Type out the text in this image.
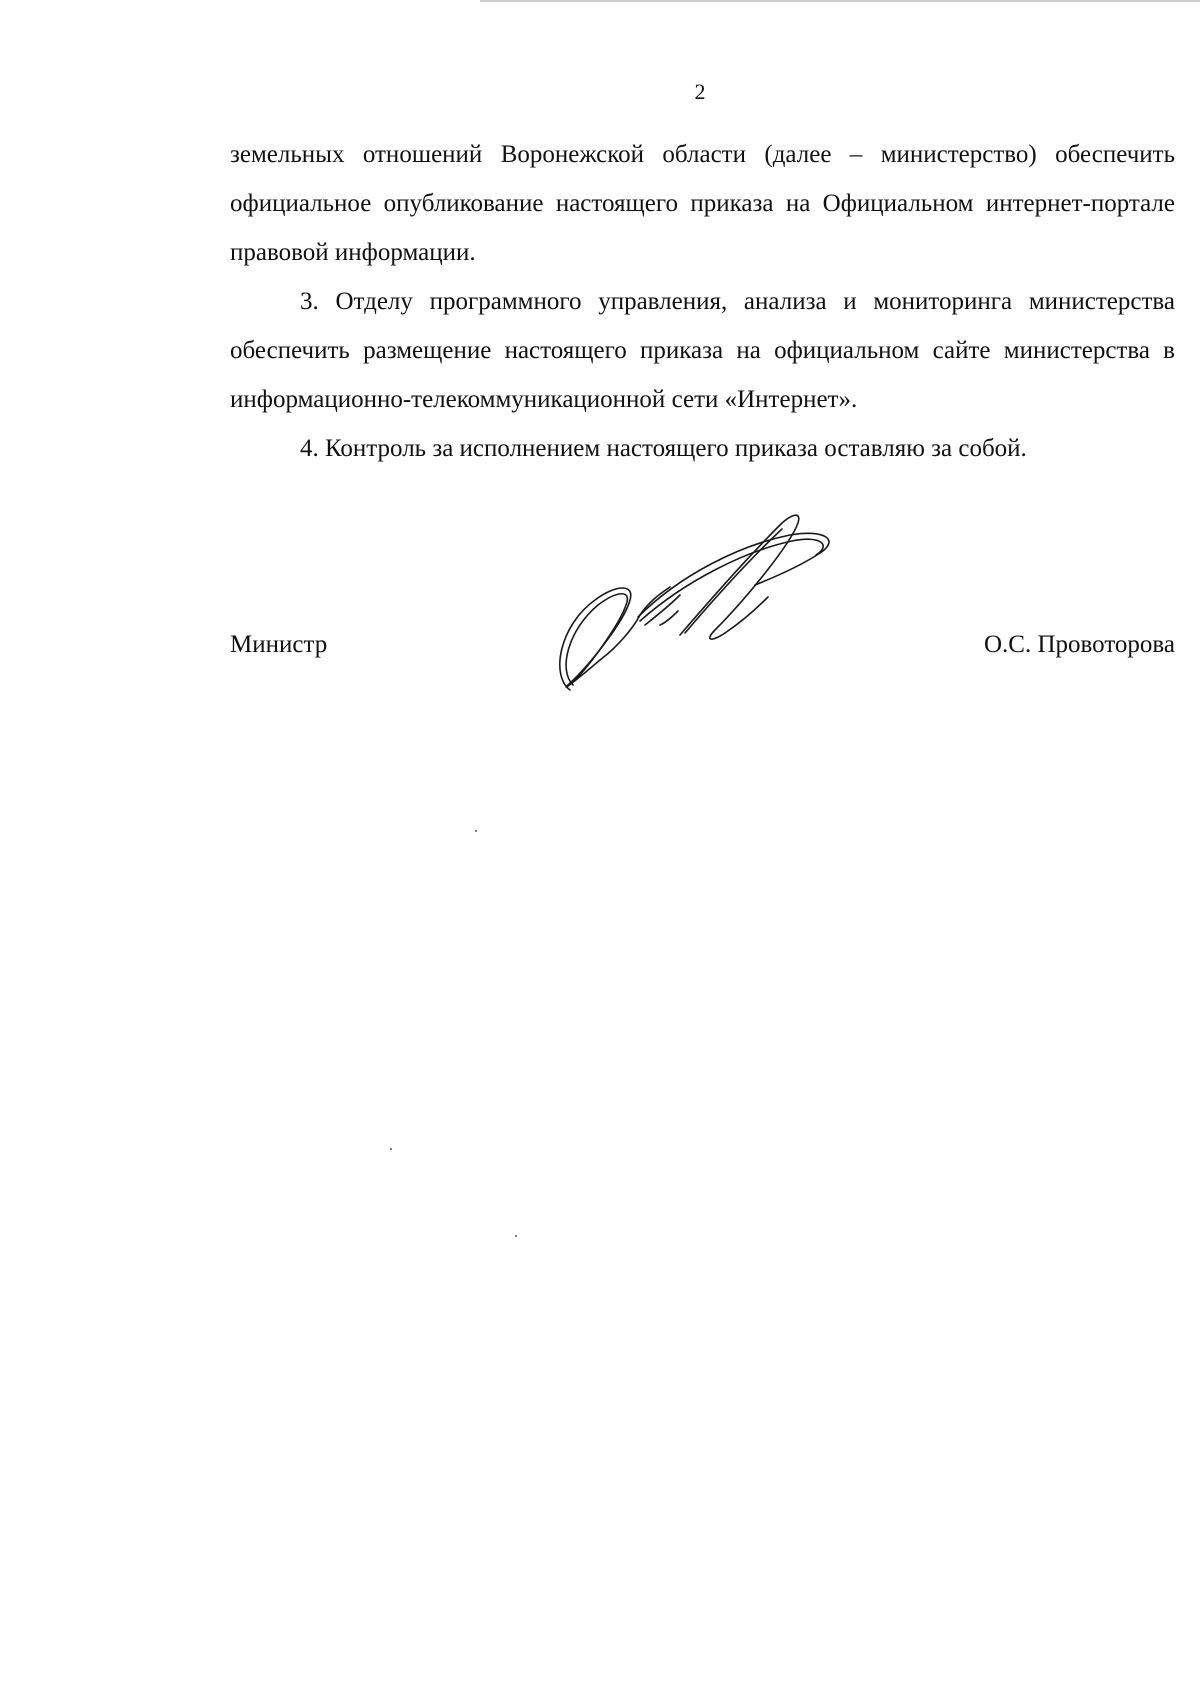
2

земельных отношений Воронежской области (далее – министерство) обеспечить официальное опубликование настоящего приказа на Официальном интернет-портале правовой информации.

3. Отделу программного управления, анализа и мониторинга министерства обеспечить размещение настоящего приказа на официальном сайте министерства в информационно-телекоммуникационной сети «Интернет».

4. Контроль за исполнением настоящего приказа оставляю за собой.

Министр	О.С. Провоторова
